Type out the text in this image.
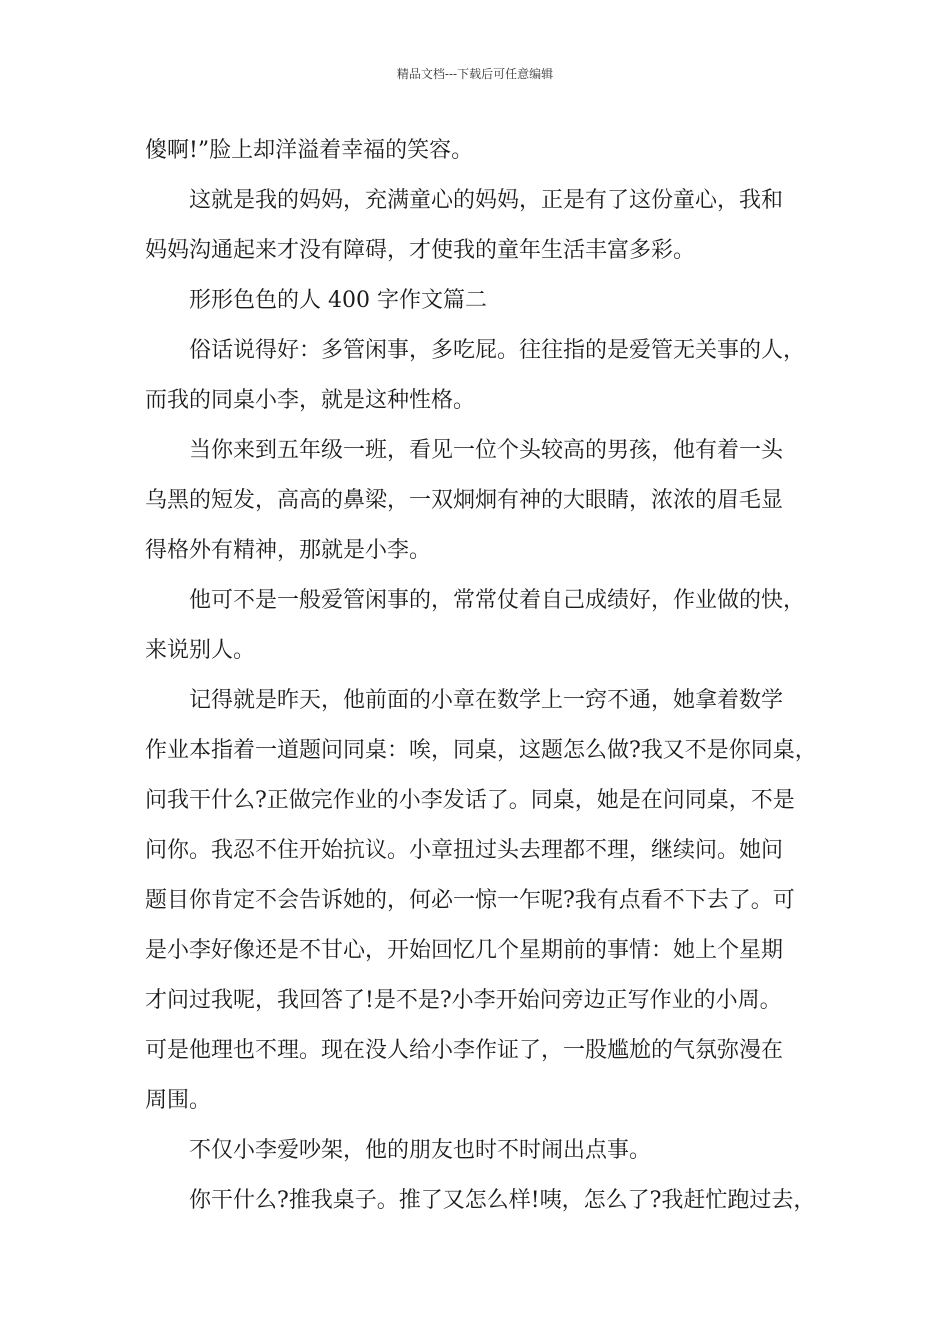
精品文档---下载后可任意编辑
傻啊!”脸上却洋溢着幸福的笑容。
这就是我的妈妈，充满童心的妈妈，正是有了这份童心，我和
妈妈沟通起来才没有障碍，才使我的童年生活丰富多彩。
形形色色的人 400 字作文篇二
俗话说得好：多管闲事，多吃屁。往往指的是爱管无关事的人，
而我的同桌小李，就是这种性格。
当你来到五年级一班，看见一位个头较高的男孩，他有着一头
乌黑的短发，高高的鼻梁，一双炯炯有神的大眼睛，浓浓的眉毛显
得格外有精神，那就是小李。
他可不是一般爱管闲事的，常常仗着自己成绩好，作业做的快，
来说别人。
记得就是昨天，他前面的小章在数学上一窍不通，她拿着数学
作业本指着一道题问同桌：唉，同桌，这题怎么做?我又不是你同桌，
问我干什么?正做完作业的小李发话了。同桌，她是在问同桌，不是
问你。我忍不住开始抗议。小章扭过头去理都不理，继续问。她问
题目你肯定不会告诉她的，何必一惊一乍呢?我有点看不下去了。可
是小李好像还是不甘心，开始回忆几个星期前的事情：她上个星期
才问过我呢，我回答了!是不是?小李开始问旁边正写作业的小周。
可是他理也不理。现在没人给小李作证了，一股尴尬的气氛弥漫在
周围。
不仅小李爱吵架，他的朋友也时不时闹出点事。
你干什么?推我桌子。推了又怎么样!咦，怎么了?我赶忙跑过去，
